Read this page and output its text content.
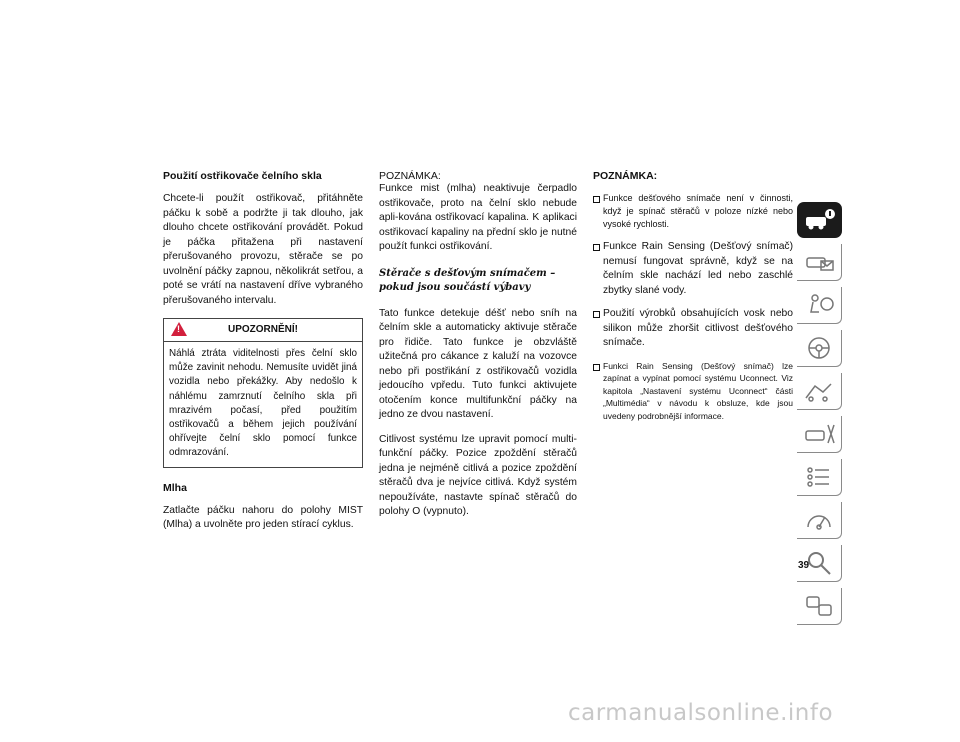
Použití ostřikovače čelního skla

Chcete-li použít ostřikovač, přitáhněte páčku k sobě a podržte ji tak dlouho, jak dlouho chcete ostřikování provádět. Pokud je páčka přitažena při nastavení přerušovaného provozu, stěrače se po uvolnění páčky zapnou, několikrát setřou, a poté se vrátí na nastavení dříve vybraného přerušovaného intervalu.

!
UPOZORNĚNÍ!
Náhlá ztráta viditelnosti přes čelní sklo může zavinit nehodu. Nemusíte uvidět jiná vozidla nebo překážky. Aby nedošlo k náhlému zamrznutí čelního skla při mrazivém počasí, před použitím ostřikovačů a během jejich používání ohřívejte čelní sklo pomocí funkce odmrazování.
Mlha

Zatlačte páčku nahoru do polohy MIST (Mlha) a uvolněte pro jeden stírací cyklus.

POZNÁMKA:

Funkce mist (mlha) neaktivuje čerpadlo ostřikovače, proto na čelní sklo nebude apli-kována ostřikovací kapalina. K aplikaci ostřikovací kapaliny na přední sklo je nutné použít funkci ostřikování.

Stěrače s dešťovým snímačem – pokud jsou součástí výbavy

Tato funkce detekuje déšť nebo sníh na čelním skle a automaticky aktivuje stěrače pro řidiče. Tato funkce je obzvláště užitečná pro cákance z kaluží na vozovce nebo při postřikání z ostřikovačů vozidla jedoucího vpředu. Tuto funkci aktivujete otočením konce multifunkční páčky na jedno ze dvou nastavení.

Citlivost systému lze upravit pomocí multi-funkční páčky. Pozice zpoždění stěračů jedna je nejméně citlivá a pozice zpoždění stěračů dva je nejvíce citlivá. Když systém nepoužíváte, nastavte spínač stěračů do polohy O (vypnuto).

POZNÁMKA:
Funkce dešťového snímače není v činnosti, když je spínač stěračů v poloze nízké nebo vysoké rychlosti.
Funkce Rain Sensing (Dešťový snímač) nemusí fungovat správně, když se na čelním skle nachází led nebo zaschlé zbytky slané vody.
Použití výrobků obsahujících vosk nebo silikon může zhoršit citlivost dešťového snímače.
Funkci Rain Sensing (Dešťový snímač) lze zapínat a vypínat pomocí systému Uconnect. Viz kapitola „Nastavení systému Uconnect“ části „Multimédia“ v návodu k obsluze, kde jsou uvedeny podrobnější informace.
39
carmanualsonline.info
